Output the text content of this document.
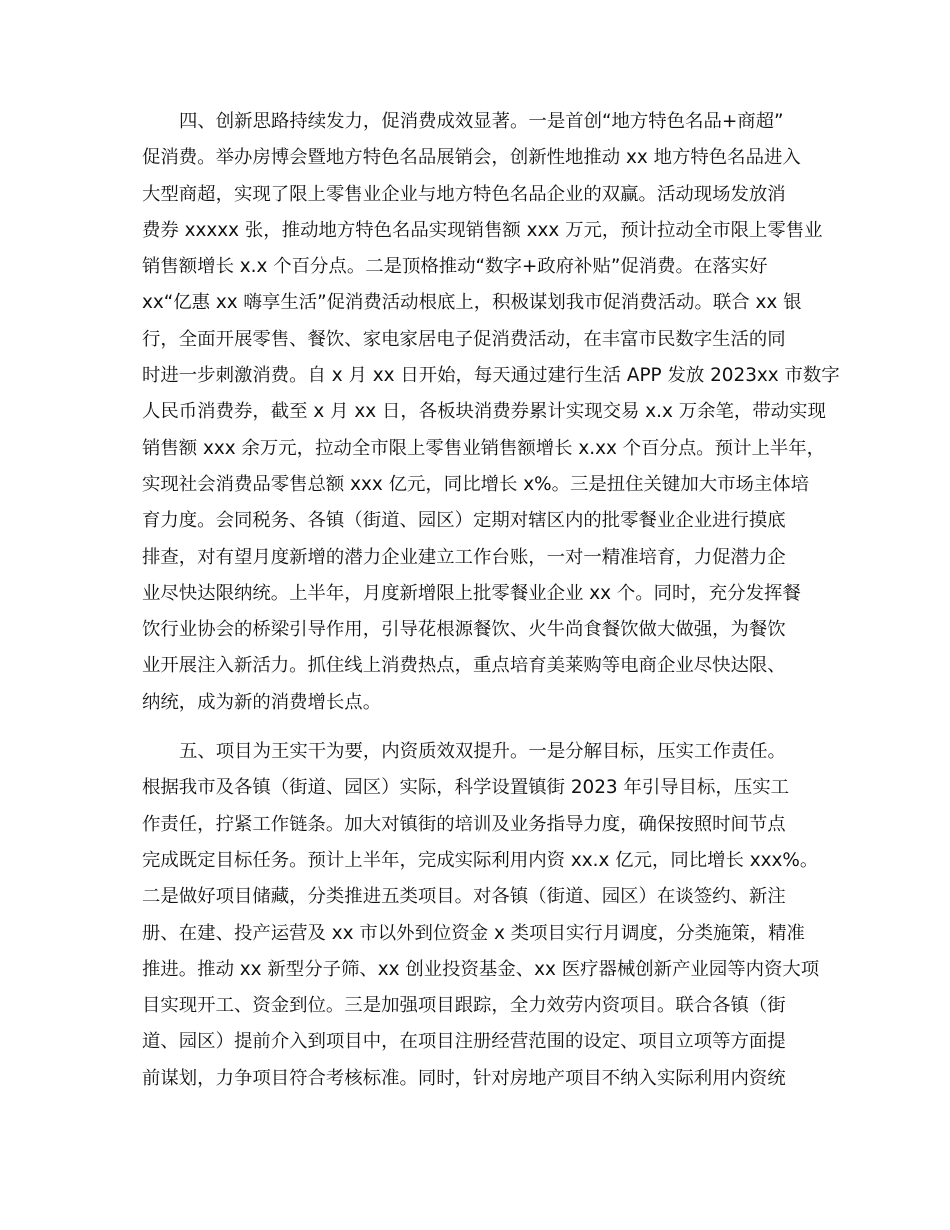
四、创新思路持续发力，促消费成效显著。一是首创“地方特色名品+商超”
促消费。举办房博会暨地方特色名品展销会，创新性地推动 xx 地方特色名品进入
大型商超，实现了限上零售业企业与地方特色名品企业的双赢。活动现场发放消
费券 xxxxx 张，推动地方特色名品实现销售额 xxx 万元，预计拉动全市限上零售业
销售额增长 x.x 个百分点。二是顶格推动“数字+政府补贴”促消费。在落实好
xx“亿惠 xx 嗨享生活”促消费活动根底上，积极谋划我市促消费活动。联合 xx 银
行，全面开展零售、餐饮、家电家居电子促消费活动，在丰富市民数字生活的同
时进一步刺激消费。自 x 月 xx 日开始，每天通过建行生活 APP 发放 2023xx 市数字
人民币消费券，截至 x 月 xx 日，各板块消费券累计实现交易 x.x 万余笔，带动实现
销售额 xxx 余万元，拉动全市限上零售业销售额增长 x.xx 个百分点。预计上半年，
实现社会消费品零售总额 xxx 亿元，同比增长 x%。三是扭住关键加大市场主体培
育力度。会同税务、各镇（街道、园区）定期对辖区内的批零餐业企业进行摸底
排查，对有望月度新增的潜力企业建立工作台账，一对一精准培育，力促潜力企
业尽快达限纳统。上半年，月度新增限上批零餐业企业 xx 个。同时，充分发挥餐
饮行业协会的桥梁引导作用，引导花根源餐饮、火牛尚食餐饮做大做强，为餐饮
业开展注入新活力。抓住线上消费热点，重点培育美莱购等电商企业尽快达限、
纳统，成为新的消费增长点。
五、项目为王实干为要，内资质效双提升。一是分解目标，压实工作责任。
根据我市及各镇（街道、园区）实际，科学设置镇街 2023 年引导目标，压实工
作责任，拧紧工作链条。加大对镇街的培训及业务指导力度，确保按照时间节点
完成既定目标任务。预计上半年，完成实际利用内资 xx.x 亿元，同比增长 xxx%。
二是做好项目储藏，分类推进五类项目。对各镇（街道、园区）在谈签约、新注
册、在建、投产运营及 xx 市以外到位资金 x 类项目实行月调度，分类施策，精准
推进。推动 xx 新型分子筛、xx 创业投资基金、xx 医疗器械创新产业园等内资大项
目实现开工、资金到位。三是加强项目跟踪，全力效劳内资项目。联合各镇（街
道、园区）提前介入到项目中，在项目注册经营范围的设定、项目立项等方面提
前谋划，力争项目符合考核标准。同时，针对房地产项目不纳入实际利用内资统
